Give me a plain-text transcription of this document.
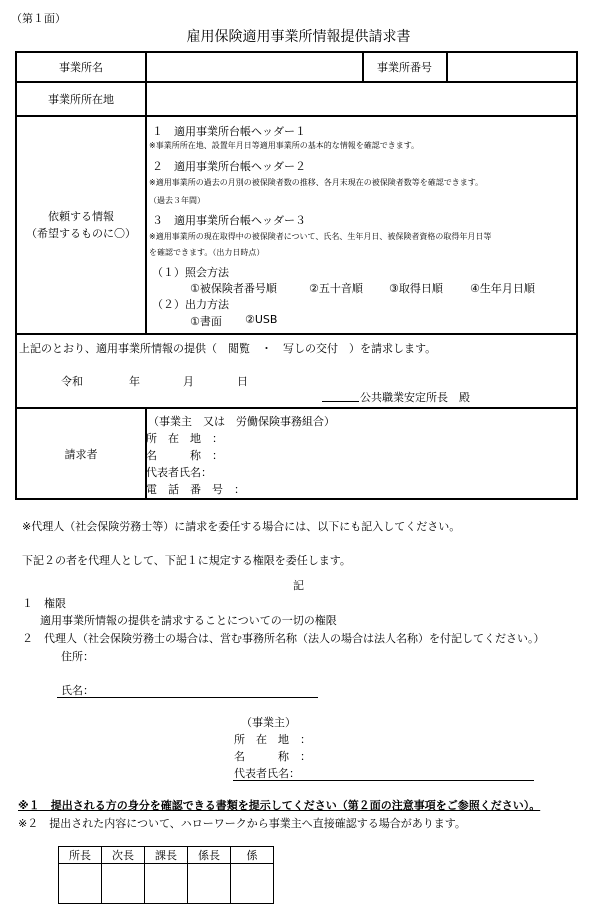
（第１面）
雇用保険適用事業所情報提供請求書
事業所名	事業所番号
事業所所在地
依頼する情報
（希望するものに〇）
１　適用事業所台帳ヘッダー１
※事業所所在地、設置年月日等適用事業所の基本的な情報を確認できます。
２　適用事業所台帳ヘッダー２
※適用事業所の過去の月別の被保険者数の推移、各月末現在の被保険者数等を確認できます。
（過去３年間）
３　適用事業所台帳ヘッダー３
※適用事業所の現在取得中の被保険者について、氏名、生年月日、被保険者資格の取得年月日等
を確認できます。（出力日時点）
（１）照会方法
①被保険者番号順	②五十音順 ③取得日順 ④生年月日順
（２）出力方法
①書面 ②USB
上記のとおり、適用事業所情報の提供（　閲覧　・　写しの交付　）を請求します。
令和	年	月	日
公共職業安定所長　殿
請求者
（事業主　又は　労働保険事務組合）
所　在　地　：
名　　　称　：
代表者氏名：
電　話　番　号　：
※代理人（社会保険労務士等）に請求を委任する場合には、以下にも記入してください。
下記２の者を代理人として、下記１に規定する権限を委任します。
記
１　権限
適用事業所情報の提供を請求することについての一切の権限
２　代理人（社会保険労務士の場合は、営む事務所名称（法人の場合は法人名称）を付記してください。）
住所：
氏名：
（事業主）
所　在　地　：
名　　　称　：
代表者氏名：
※１　提出される方の身分を確認できる書類を提示してください（第２面の注意事項をご参照ください）。
※２　提出された内容について、ハローワークから事業主へ直接確認する場合があります。
所長	次長	課長	係長	係
